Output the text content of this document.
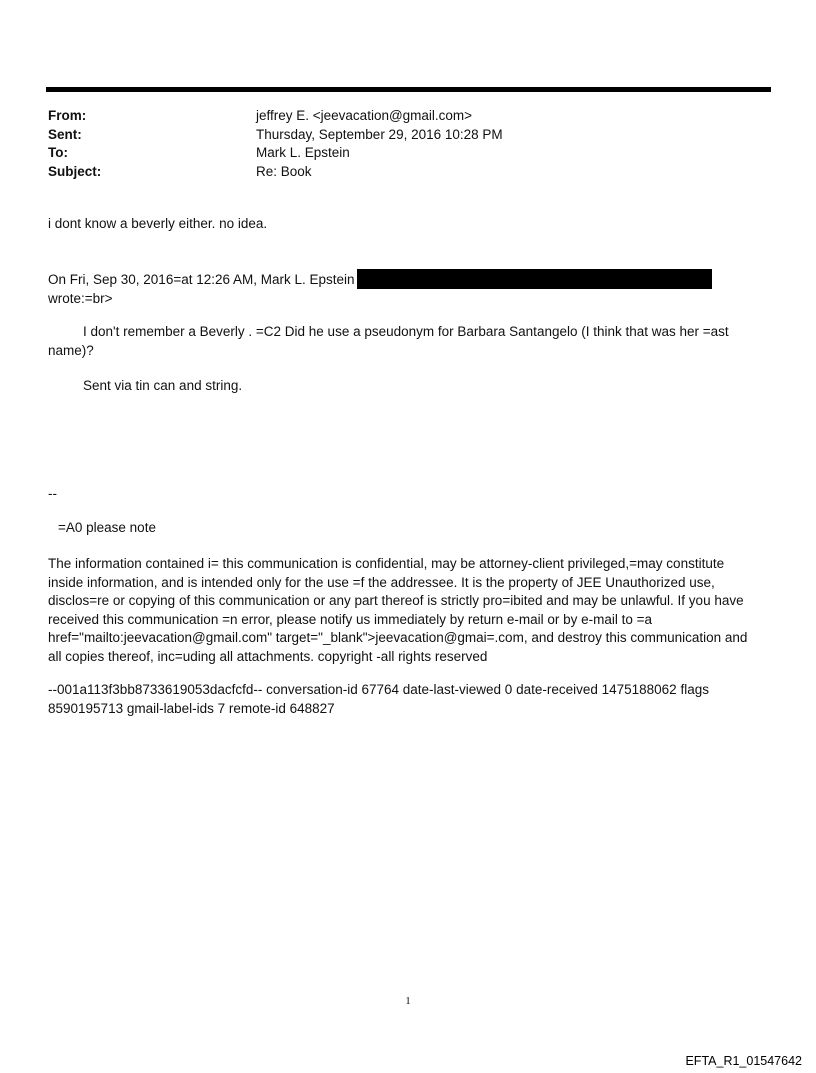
From:	jeffrey E. <jeevacation@gmail.com>
Sent:	Thursday, September 29, 2016 10:28 PM
To:	Mark L. Epstein
Subject:	Re: Book
i dont know a beverly either. no idea.
On Fri, Sep 30, 2016=at 12:26 AM, Mark L. Epstein
wrote:=br>
I don't remember a Beverly . =C2 Did he use a pseudonym for Barbara Santangelo (I think that was her =ast name)?
Sent via tin can and string.
--
=A0 please note
The information contained i= this communication is confidential, may be attorney-client privileged,=may constitute inside information, and is intended only for the use =f the addressee. It is the property of JEE Unauthorized use, disclos=re or copying of this communication or any part thereof is strictly pro=ibited and may be unlawful. If you have received this communication =n error, please notify us immediately by return e-mail or by e-mail to =a href="mailto:jeevacation@gmail.com" target="_blank">jeevacation@gmai=.com, and destroy this communication and all copies thereof, inc=uding all attachments. copyright -all rights reserved
--001a113f3bb8733619053dacfcfd-- conversation-id 67764 date-last-viewed 0 date-received 1475188062 flags 8590195713 gmail-label-ids 7 remote-id 648827
1
EFTA_R1_01547642
